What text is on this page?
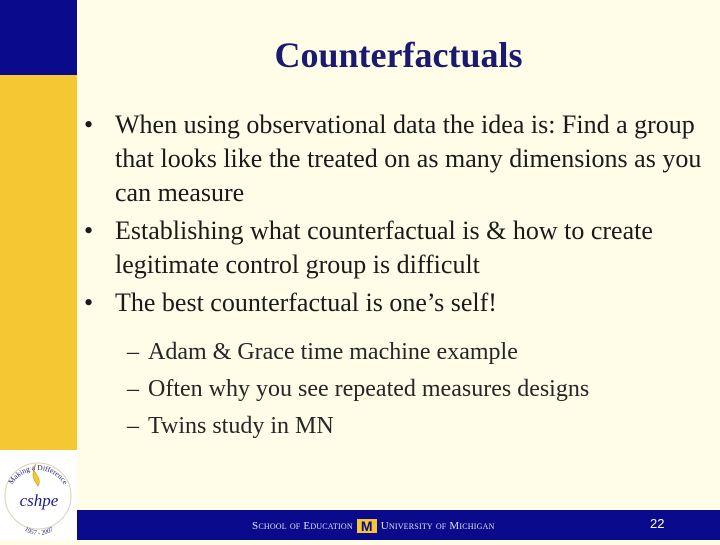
Making a Difference
cshpe
1957 - 2007
Counterfactuals
• When using observational data the idea is: Find a group that looks like the treated on as many dimensions as you can measure
• Establishing what counterfactual is & how to create legitimate control group is difficult
• The best counterfactual is one’s self!
– Adam & Grace time machine example
– Often why you see repeated measures designs
– Twins study in MN
School of Education M University of Michigan	22
